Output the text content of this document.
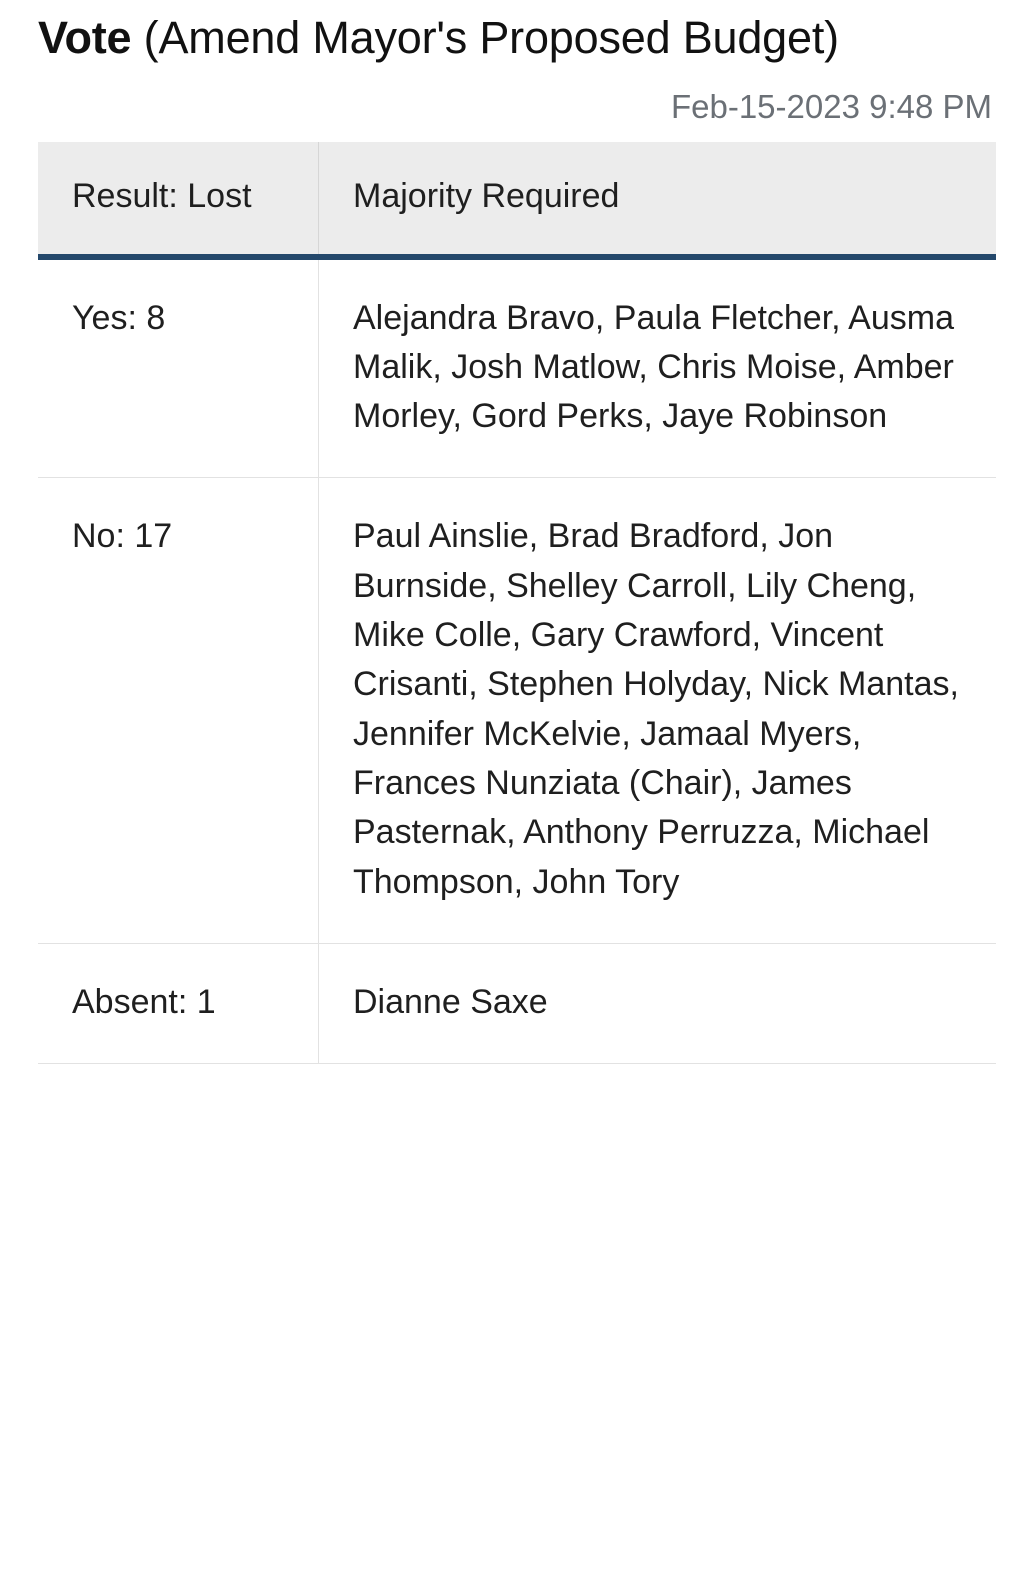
Vote (Amend Mayor's Proposed Budget)
Feb-15-2023 9:48 PM
Result: Lost	Majority Required

Yes: 8	Alejandra Bravo, Paula Fletcher, Ausma Malik, Josh Matlow, Chris Moise, Amber Morley, Gord Perks, Jaye Robinson
No: 17	Paul Ainslie, Brad Bradford, Jon Burnside, Shelley Carroll, Lily Cheng, Mike Colle, Gary Crawford, Vincent Crisanti, Stephen Holyday, Nick Mantas, Jennifer McKelvie, Jamaal Myers, Frances Nunziata (Chair), James Pasternak, Anthony Perruzza, Michael Thompson, John Tory
Absent: 1	Dianne Saxe
